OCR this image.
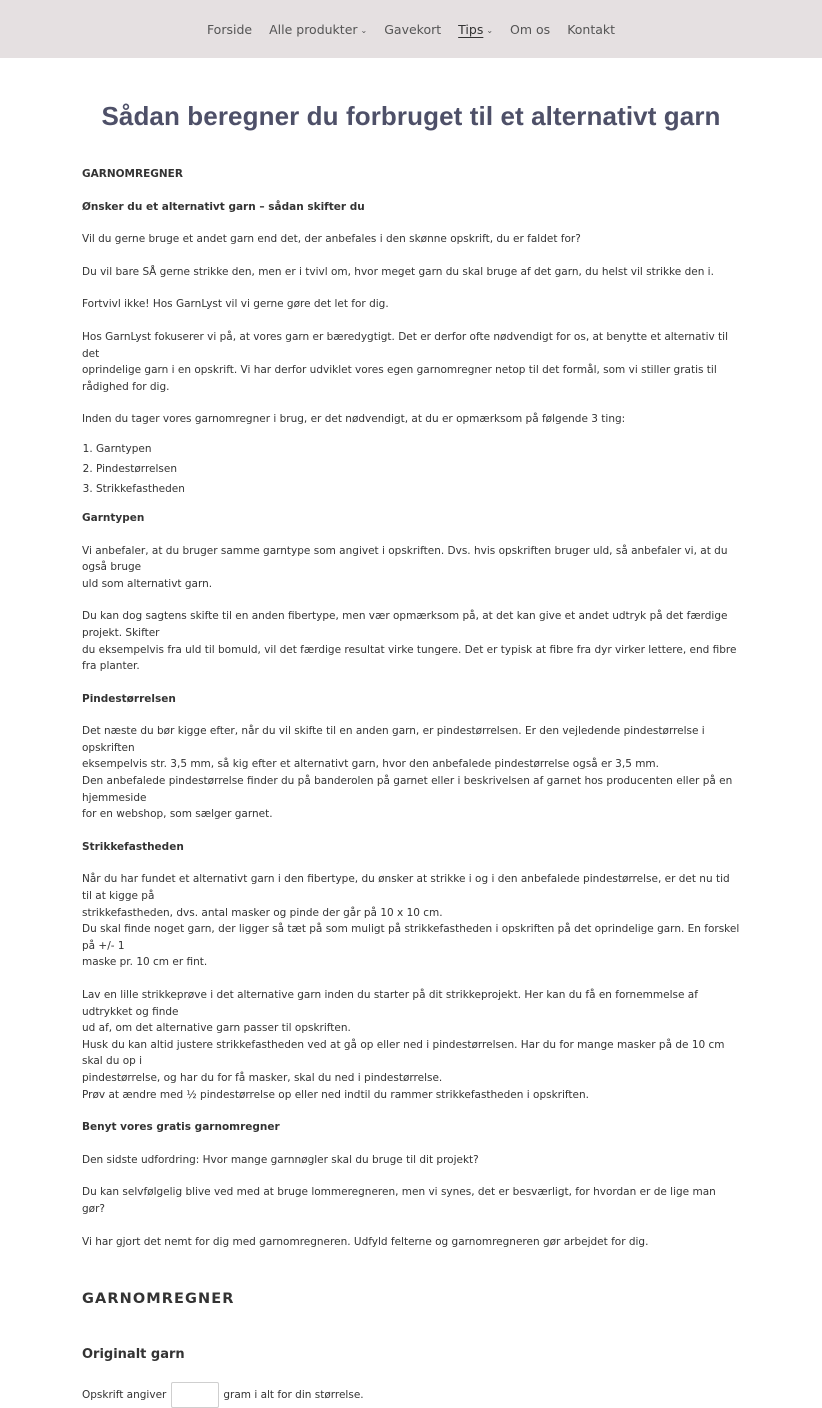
Forside Alle produkter ⌄ Gavekort Tips ⌄ Om os Kontakt
Sådan beregner du forbruget til et alternativt garn

GARNOMREGNER

Ønsker du et alternativt garn – sådan skifter du

Vil du gerne bruge et andet garn end det, der anbefales i den skønne opskrift, du er faldet for?

Du vil bare SÅ gerne strikke den, men er i tvivl om, hvor meget garn du skal bruge af det garn, du helst vil strikke den i.

Fortvivl ikke! Hos GarnLyst vil vi gerne gøre det let for dig.

Hos GarnLyst fokuserer vi på, at vores garn er bæredygtigt. Det er derfor ofte nødvendigt for os, at benytte et alternativ til det
oprindelige garn i en opskrift. Vi har derfor udviklet vores egen garnomregner netop til det formål, som vi stiller gratis til rådighed for dig.

Inden du tager vores garnomregner i brug, er det nødvendigt, at du er opmærksom på følgende 3 ting:

1. Garntypen
2. Pindestørrelsen
3. Strikkefastheden

Garntypen

Vi anbefaler, at du bruger samme garntype som angivet i opskriften. Dvs. hvis opskriften bruger uld, så anbefaler vi, at du også bruge
uld som alternativt garn.

Du kan dog sagtens skifte til en anden fibertype, men vær opmærksom på, at det kan give et andet udtryk på det færdige projekt. Skifter
du eksempelvis fra uld til bomuld, vil det færdige resultat virke tungere. Det er typisk at fibre fra dyr virker lettere, end fibre fra planter.

Pindestørrelsen

Det næste du bør kigge efter, når du vil skifte til en anden garn, er pindestørrelsen. Er den vejledende pindestørrelse i opskriften
eksempelvis str. 3,5 mm, så kig efter et alternativt garn, hvor den anbefalede pindestørrelse også er 3,5 mm.
Den anbefalede pindestørrelse finder du på banderolen på garnet eller i beskrivelsen af garnet hos producenten eller på en hjemmeside
for en webshop, som sælger garnet.

Strikkefastheden

Når du har fundet et alternativt garn i den fibertype, du ønsker at strikke i og i den anbefalede pindestørrelse, er det nu tid til at kigge på
strikkefastheden, dvs. antal masker og pinde der går på 10 x 10 cm.
Du skal finde noget garn, der ligger så tæt på som muligt på strikkefastheden i opskriften på det oprindelige garn. En forskel på +/- 1
maske pr. 10 cm er fint.

Lav en lille strikkeprøve i det alternative garn inden du starter på dit strikkeprojekt. Her kan du få en fornemmelse af udtrykket og finde
ud af, om det alternative garn passer til opskriften.
Husk du kan altid justere strikkefastheden ved at gå op eller ned i pindestørrelsen. Har du for mange masker på de 10 cm skal du op i
pindestørrelse, og har du for få masker, skal du ned i pindestørrelse.
Prøv at ændre med ½ pindestørrelse op eller ned indtil du rammer strikkefastheden i opskriften.

Benyt vores gratis garnomregner

Den sidste udfordring: Hvor mange garnnøgler skal du bruge til dit projekt?

Du kan selvfølgelig blive ved med at bruge lommeregneren, men vi synes, det er besværligt, for hvordan er de lige man gør?

Vi har gjort det nemt for dig med garnomregneren. Udfyld felterne og garnomregneren gør arbejdet for dig.

GARNOMREGNER
Originalt garn
Opskrift angiver	gram i alt for din størrelse.
